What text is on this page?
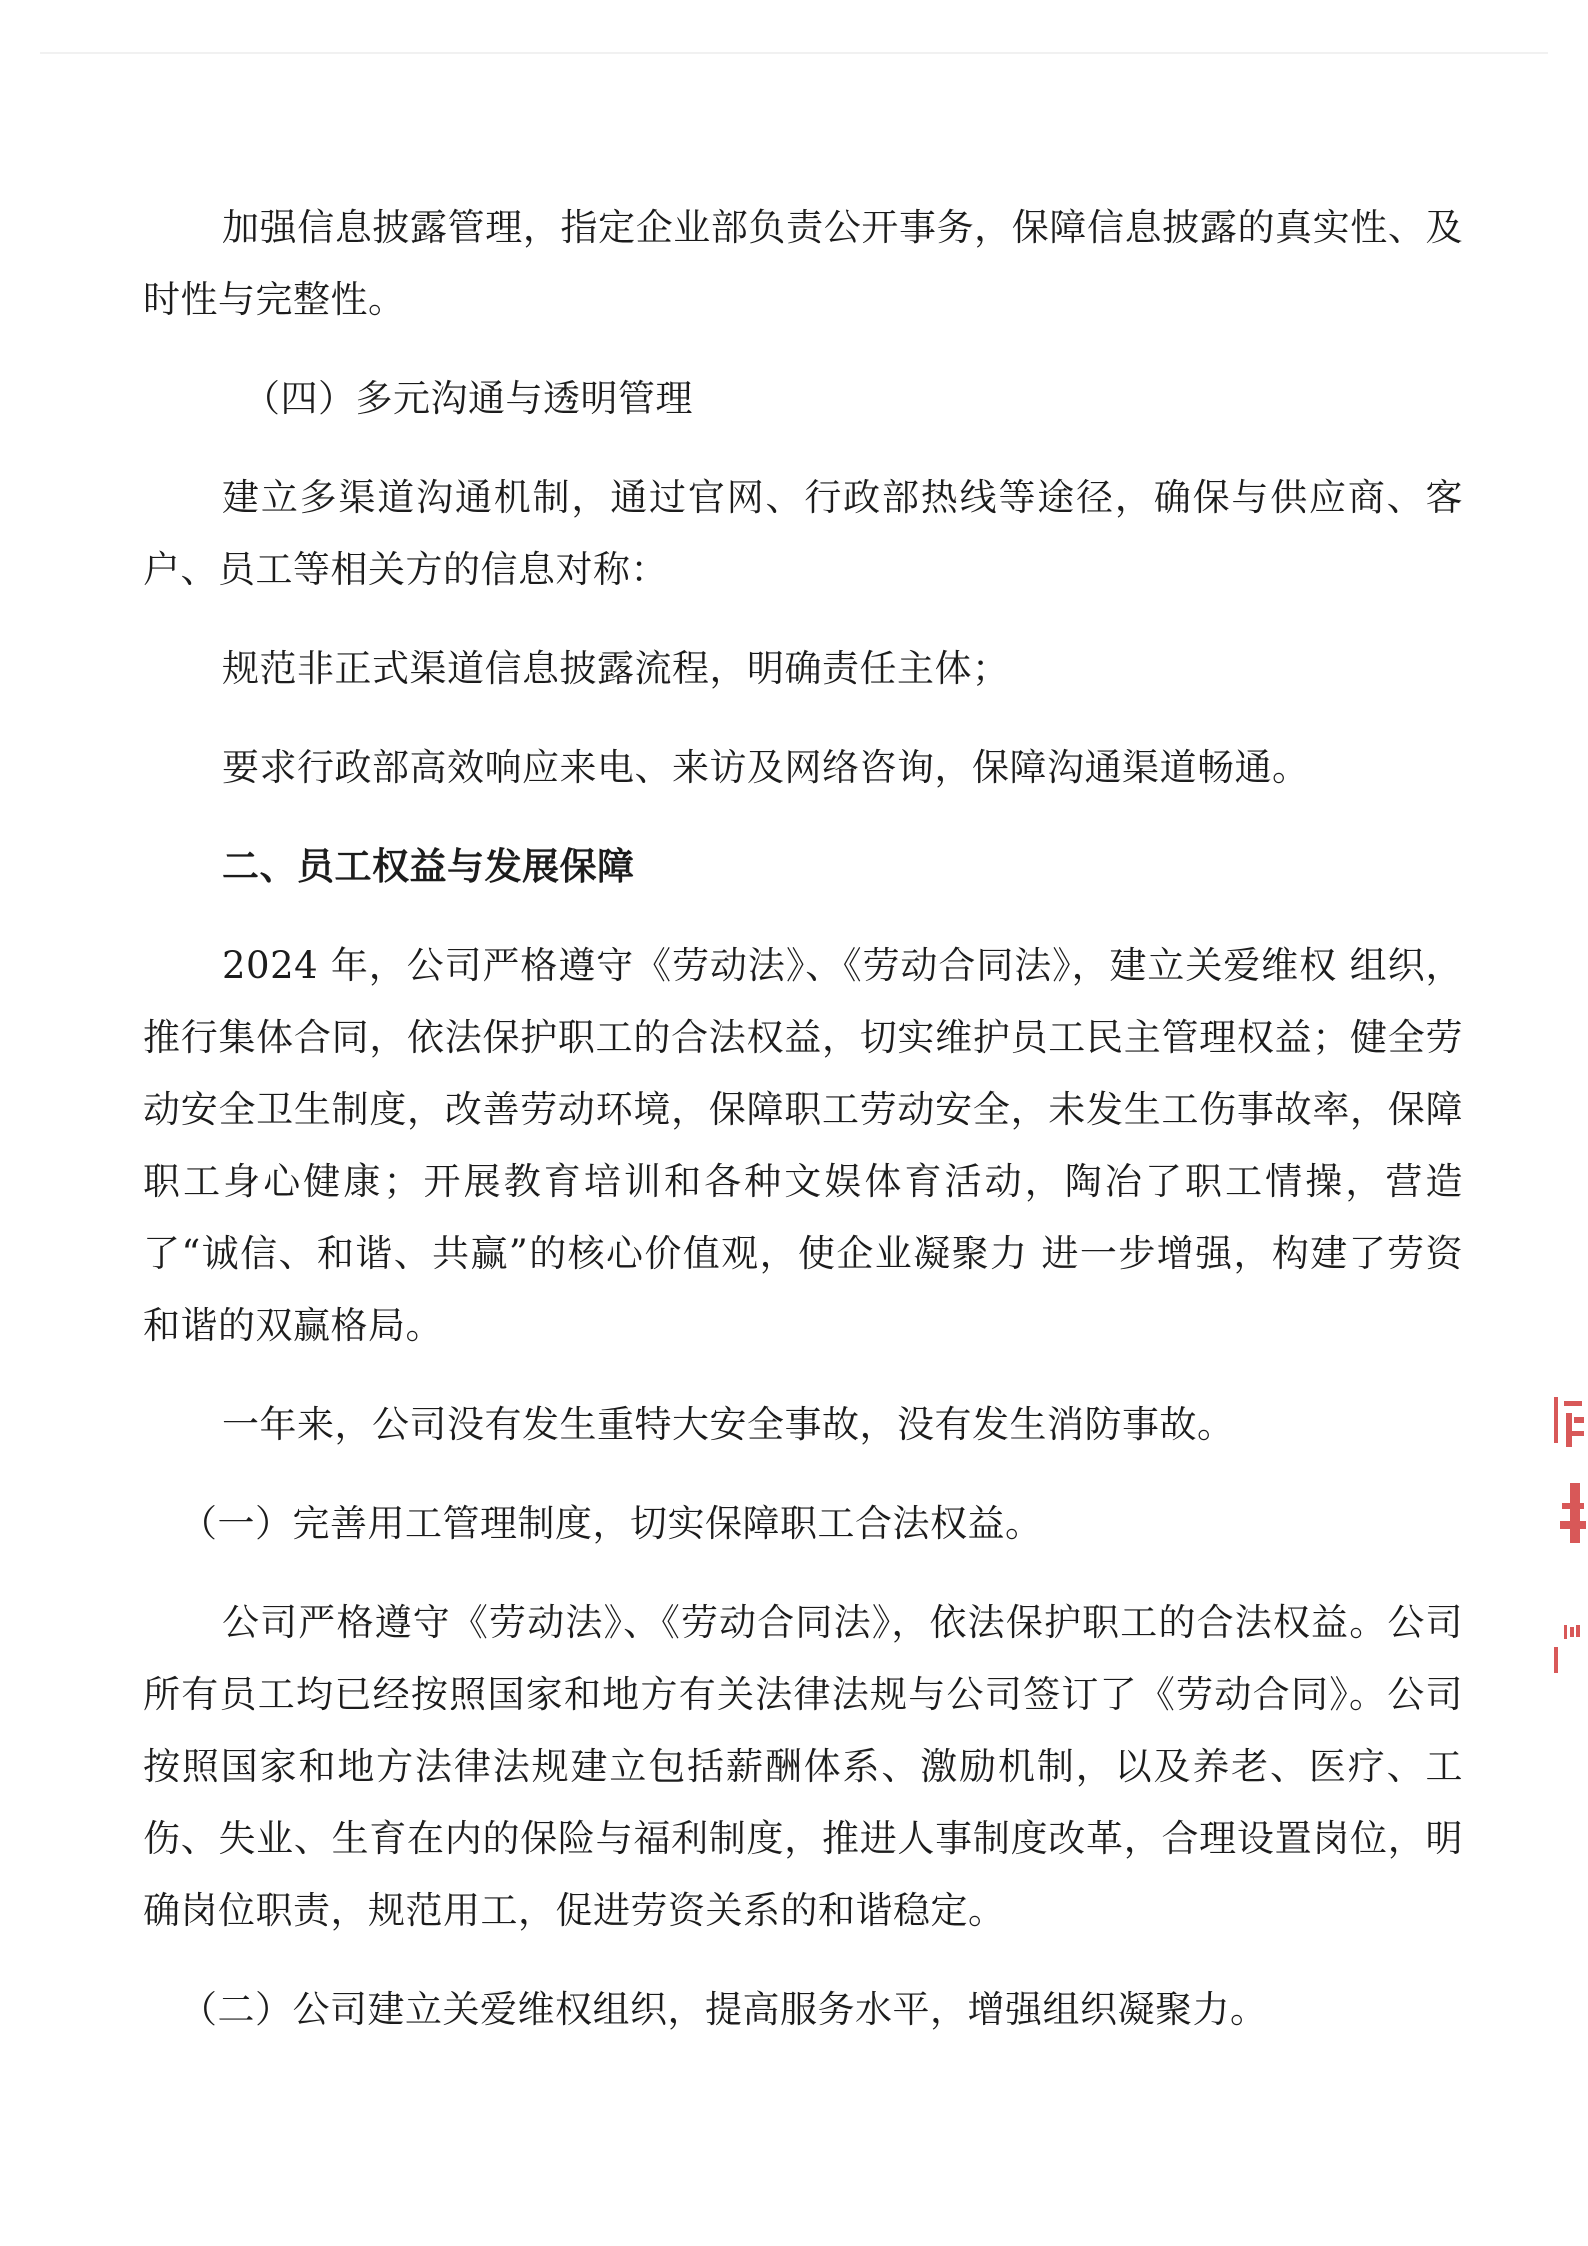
加强信息披露管理，指定企业部负责公开事务，保障信息披露的真实性、及时性与完整性。

（四）多元沟通与透明管理

建立多渠道沟通机制，通过官网、行政部热线等途径，确保与供应商、客户、员工等相关方的信息对称：

规范非正式渠道信息披露流程，明确责任主体；

要求行政部高效响应来电、来访及网络咨询，保障沟通渠道畅通。

二、员工权益与发展保障

2024 年，公司严格遵守《劳动法》、《劳动合同法》，建立关爱维权 组织，推行集体合同，依法保护职工的合法权益，切实维护员工民主管理权益；健全劳动安全卫生制度，改善劳动环境，保障职工劳动安全，未发生工伤事故率，保障职工身心健康；开展教育培训和各种文娱体育活动，陶冶了职工情操，营造了“诚信、和谐、共赢”的核心价值观，使企业凝聚力 进一步增强，构建了劳资和谐的双赢格局。

一年来，公司没有发生重特大安全事故，没有发生消防事故。

（一）完善用工管理制度，切实保障职工合法权益。

公司严格遵守《劳动法》、《劳动合同法》，依法保护职工的合法权益。公司所有员工均已经按照国家和地方有关法律法规与公司签订了《劳动合同》。公司按照国家和地方法律法规建立包括薪酬体系、激励机制，以及养老、医疗、工伤、失业、生育在内的保险与福利制度，推进人事制度改革，合理设置岗位，明确岗位职责，规范用工，促进劳资关系的和谐稳定。

（二）公司建立关爱维权组织，提高服务水平，增强组织凝聚力。
